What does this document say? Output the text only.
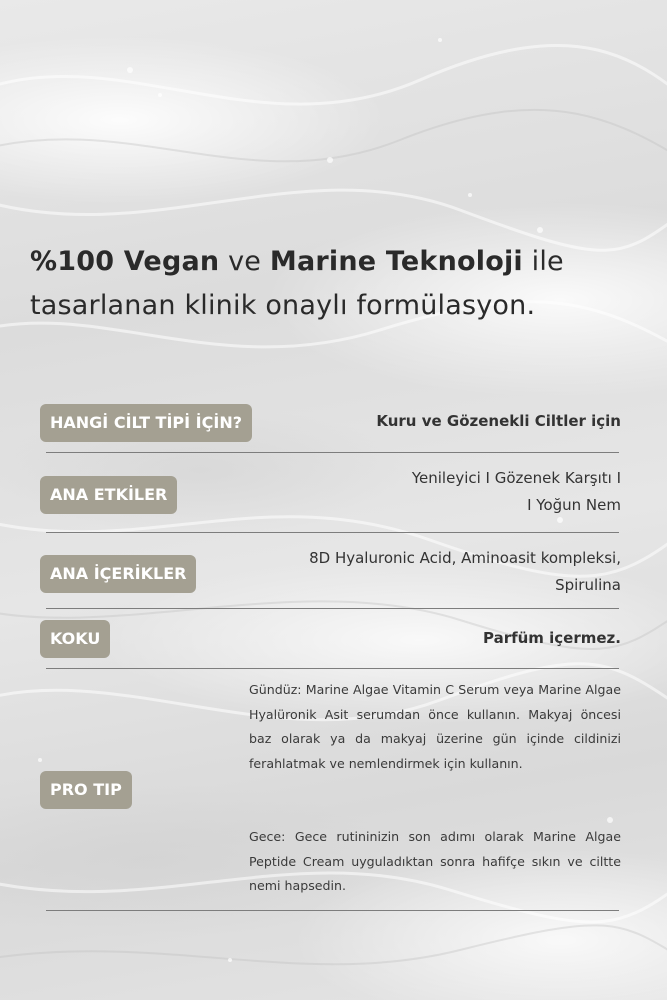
%100 Vegan ve Marine Teknoloji ile
tasarlanan klinik onaylı formülasyon.
HANGİ CİLT TİPİ İÇİN?	Kuru ve Gözenekli Ciltler için
ANA ETKİLER
Yenileyici I Gözenek Karşıtı I
I Yoğun Nem
ANA İÇERİKLER
8D Hyaluronic Acid, Aminoasit kompleksi,
Spirulina
KOKU	Parfüm içermez.
PRO TIP
Gündüz: Marine Algae Vitamin C Serum veya Marine Algae Hyalüronik Asit serumdan önce kullanın. Makyaj öncesi baz olarak ya da makyaj üzerine gün içinde cildinizi ferahlatmak ve nemlendirmek için kullanın.
Gece: Gece rutininizin son adımı olarak Marine Algae Peptide Cream uyguladıktan sonra hafifçe sıkın ve ciltte nemi hapsedin.
